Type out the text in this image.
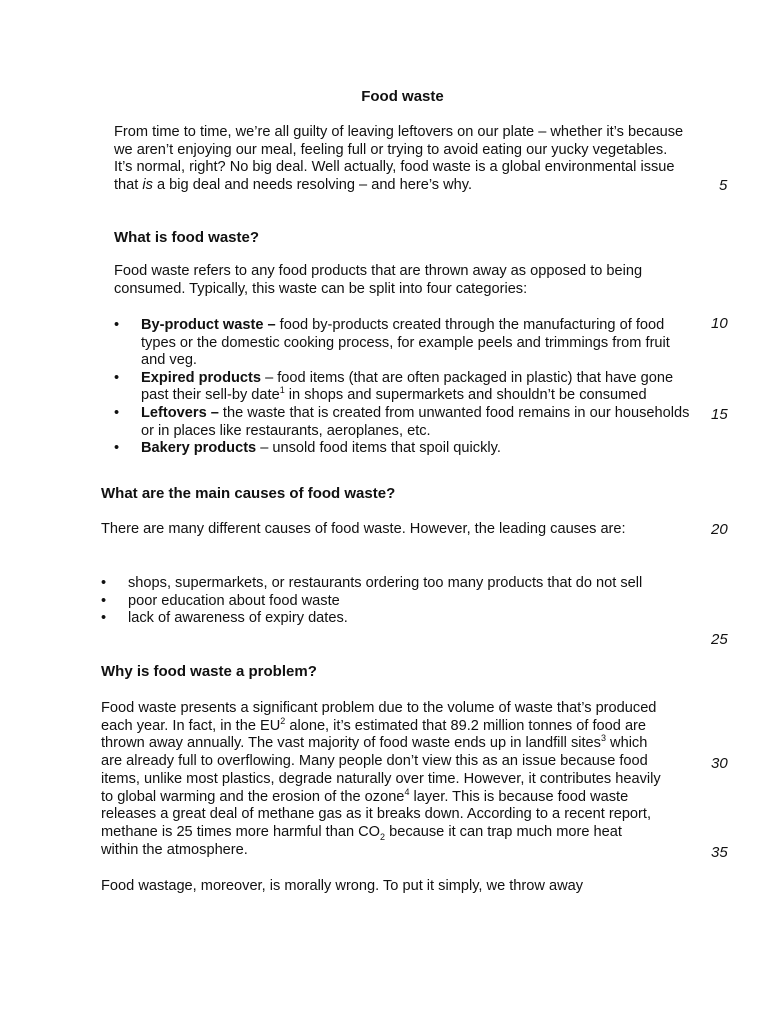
Food waste

From time to time, we’re all guilty of leaving leftovers on our plate – whether it’s because we aren’t enjoying our meal, feeling full or trying to avoid eating our yucky vegetables. It’s normal, right? No big deal. Well actually, food waste is a global environmental issue that is a big deal and needs resolving – and here’s why.

What is food waste?

Food waste refers to any food products that are thrown away as opposed to being consumed. Typically, this waste can be split into four categories:

• By-product waste – food by-products created through the manufacturing of food types or the domestic cooking process, for example peels and trimmings from fruit and veg.
• Expired products – food items (that are often packaged in plastic) that have gone past their sell-by date$^1$ in shops and supermarkets and shouldn’t be consumed
• Leftovers – the waste that is created from unwanted food remains in our households or in places like restaurants, aeroplanes, etc.
• Bakery products – unsold food items that spoil quickly.
What are the main causes of food waste?

There are many different causes of food waste. However, the leading causes are:

• shops, supermarkets, or restaurants ordering too many products that do not sell
• poor education about food waste
• lack of awareness of expiry dates.
Why is food waste a problem?

Food waste presents a significant problem due to the volume of waste that’s produced each year. In fact, in the $EU^2$ alone, it’s estimated that 89.2 million tonnes of food are thrown away annually. The vast majority of food waste ends up in landfill sites$^3$ which are already full to overflowing. Many people don’t view this as an issue because food items, unlike most plastics, degrade naturally over time. However, it contributes heavily to global warming and the erosion of the ozone$^4$ layer. This is because food waste releases a great deal of methane gas as it breaks down. According to a recent report, methane is 25 times more harmful than $CO_2$ because it can trap much more heat within the atmosphere.

Food wastage, moreover, is morally wrong. To put it simply, we throw away

5
10
15
20
25
30
35
